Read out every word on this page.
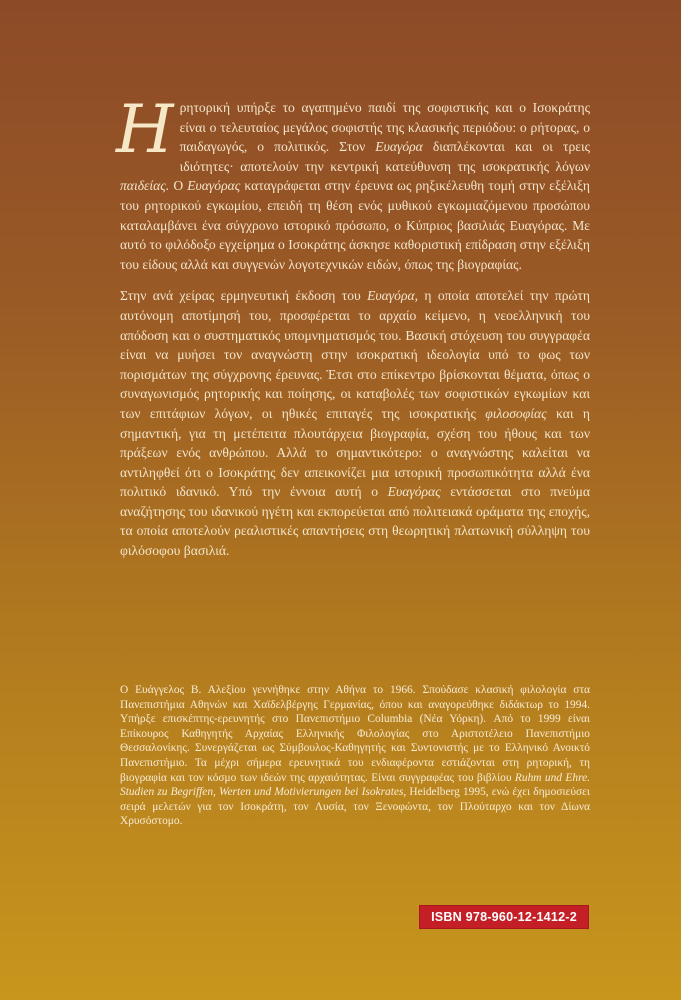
Η ρητορική υπήρξε το αγαπημένο παιδί της σοφιστικής και ο Ισοκράτης είναι ο τελευταίος μεγάλος σοφιστής της κλασικής περιόδου: ο ρήτορας, ο παιδαγωγός, ο πολιτικός. Στον Ευαγόρα διαπλέκονται και οι τρεις ιδιότητες· αποτελούν την κεντρική κατεύθυνση της ισοκρατικής λόγων παιδείας. Ο Ευαγόρας καταγράφεται στην έρευνα ως ρηξικέλευθη τομή στην εξέλιξη του ρητορικού εγκωμίου, επειδή τη θέση ενός μυθικού εγκωμιαζόμενου προσώπου καταλαμβάνει ένα σύγχρονο ιστορικό πρόσωπο, ο Κύπριος βασιλιάς Ευαγόρας. Με αυτό το φιλόδοξο εγχείρημα ο Ισοκράτης άσκησε καθοριστική επίδραση στην εξέλιξη του είδους αλλά και συγγενών λογοτεχνικών ειδών, όπως της βιογραφίας.

Στην ανά χείρας ερμηνευτική έκδοση του Ευαγόρα, η οποία αποτελεί την πρώτη αυτόνομη αποτίμησή του, προσφέρεται το αρχαίο κείμενο, η νεοελληνική του απόδοση και ο συστηματικός υπομνηματισμός του. Βασική στόχευση του συγγραφέα είναι να μυήσει τον αναγνώστη στην ισοκρατική ιδεολογία υπό το φως των πορισμάτων της σύγχρονης έρευνας. Έτσι στο επίκεντρο βρίσκονται θέματα, όπως ο συναγωνισμός ρητορικής και ποίησης, οι καταβολές των σοφιστικών εγκωμίων και των επιτάφιων λόγων, οι ηθικές επιταγές της ισοκρατικής φιλοσοφίας και η σημαντική, για τη μετέπειτα πλουτάρχεια βιογραφία, σχέση του ήθους και των πράξεων ενός ανθρώπου. Αλλά το σημαντικότερο: ο αναγνώστης καλείται να αντιληφθεί ότι ο Ισοκράτης δεν απεικονίζει μια ιστορική προσωπικότητα αλλά ένα πολιτικό ιδανικό. Υπό την έννοια αυτή ο Ευαγόρας εντάσσεται στο πνεύμα αναζήτησης του ιδανικού ηγέτη και εκπορεύεται από πολιτειακά οράματα της εποχής, τα οποία αποτελούν ρεαλιστικές απαντήσεις στη θεωρητική πλατωνική σύλληψη του φιλόσοφου βασιλιά.

Ο Ευάγγελος Β. Αλεξίου γεννήθηκε στην Αθήνα το 1966. Σπούδασε κλασική φιλολογία στα Πανεπιστήμια Αθηνών και Χαϊδελβέργης Γερμανίας, όπου και αναγορεύθηκε διδάκτωρ το 1994. Υπήρξε επισκέπτης-ερευνητής στο Πανεπιστήμιο Columbia (Νέα Υόρκη). Από το 1999 είναι Επίκουρος Καθηγητής Αρχαίας Ελληνικής Φιλολογίας στο Αριστοτέλειο Πανεπιστήμιο Θεσσαλονίκης. Συνεργάζεται ως Σύμβουλος-Καθηγητής και Συντονιστής με το Ελληνικό Ανοικτό Πανεπιστήμιο. Τα μέχρι σήμερα ερευνητικά του ενδιαφέροντα εστιάζονται στη ρητορική, τη βιογραφία και τον κόσμο των ιδεών της αρχαιότητας. Είναι συγγραφέας του βιβλίου Ruhm und Ehre. Studien zu Begriffen, Werten und Motivierungen bei Isokrates, Heidelberg 1995, ενώ έχει δημοσιεύσει σειρά μελετών για τον Ισοκράτη, τον Λυσία, τον Ξενοφώντα, τον Πλούταρχο και τον Δίωνα Χρυσόστομο.

ISBN 978-960-12-1412-2
